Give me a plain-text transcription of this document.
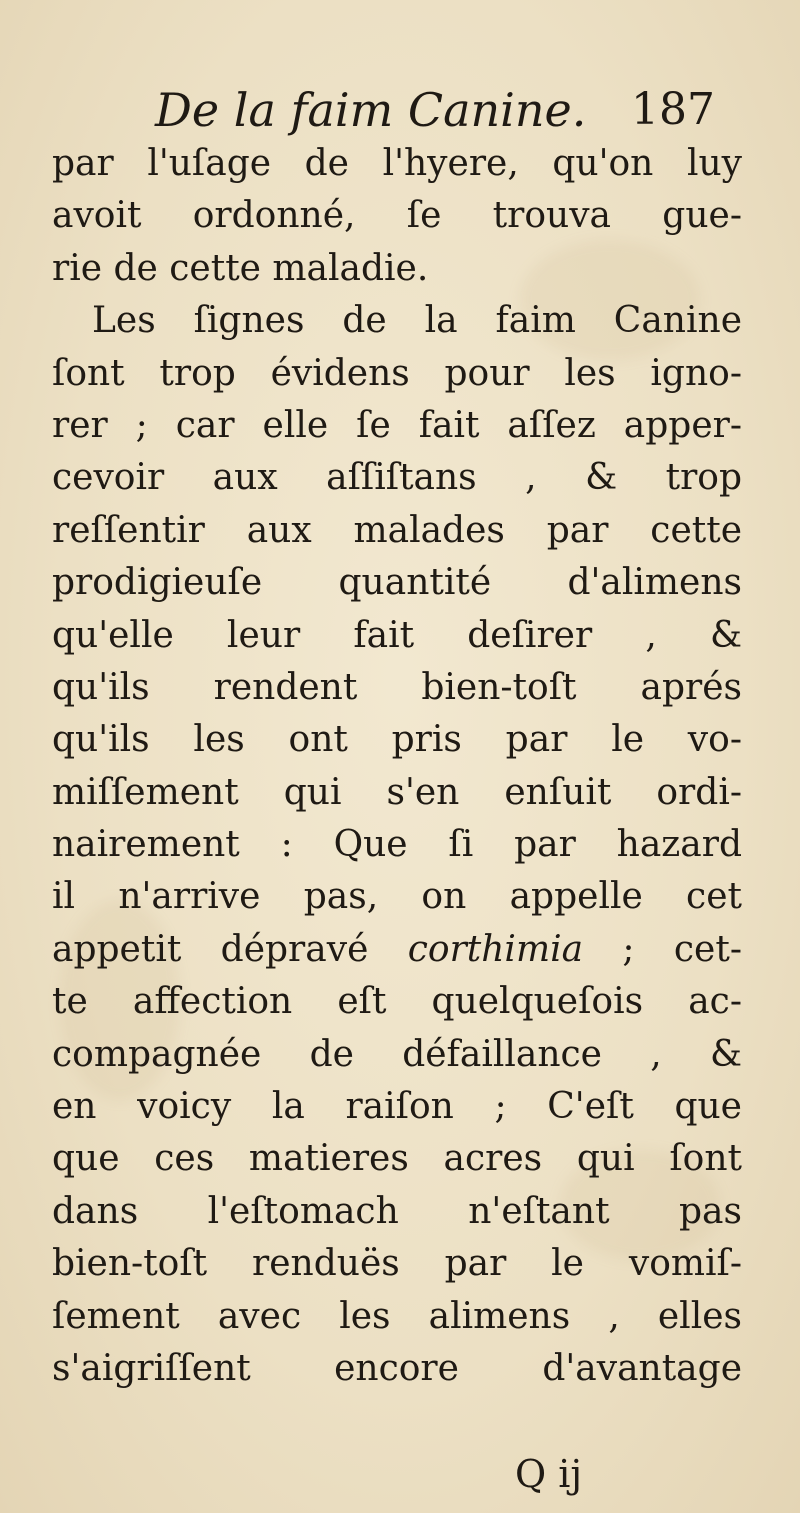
De la faim Canine. 187
par l'uſage de l'hyere, qu'on luy
avoit ordonné, ſe trouva gue-
rie de cette maladie.
Les ſignes de la faim Canine
ſont trop évidens pour les igno-
rer ; car elle ſe fait aſſez apper-
cevoir aux aſſiſtans , & trop
reſſentir aux malades par cette
prodigieuſe quantité d'alimens
qu'elle leur fait deſirer , &
qu'ils rendent bien-toſt aprés
qu'ils les ont pris par le vo-
miſſement qui s'en enſuit ordi-
nairement : Que ſi par hazard
il n'arrive pas, on appelle cet
appetit dépravé corthimia ; cet-
te affection eſt quelqueſois ac-
compagnée de défaillance , &
en voicy la raiſon ; C'eſt que
que ces matieres acres qui ſont
dans l'eſtomach n'eſtant pas
bien-toſt renduës par le vomiſ-
ſement avec les alimens , elles
s'aigriſſent encore d'avantage
Q ij
